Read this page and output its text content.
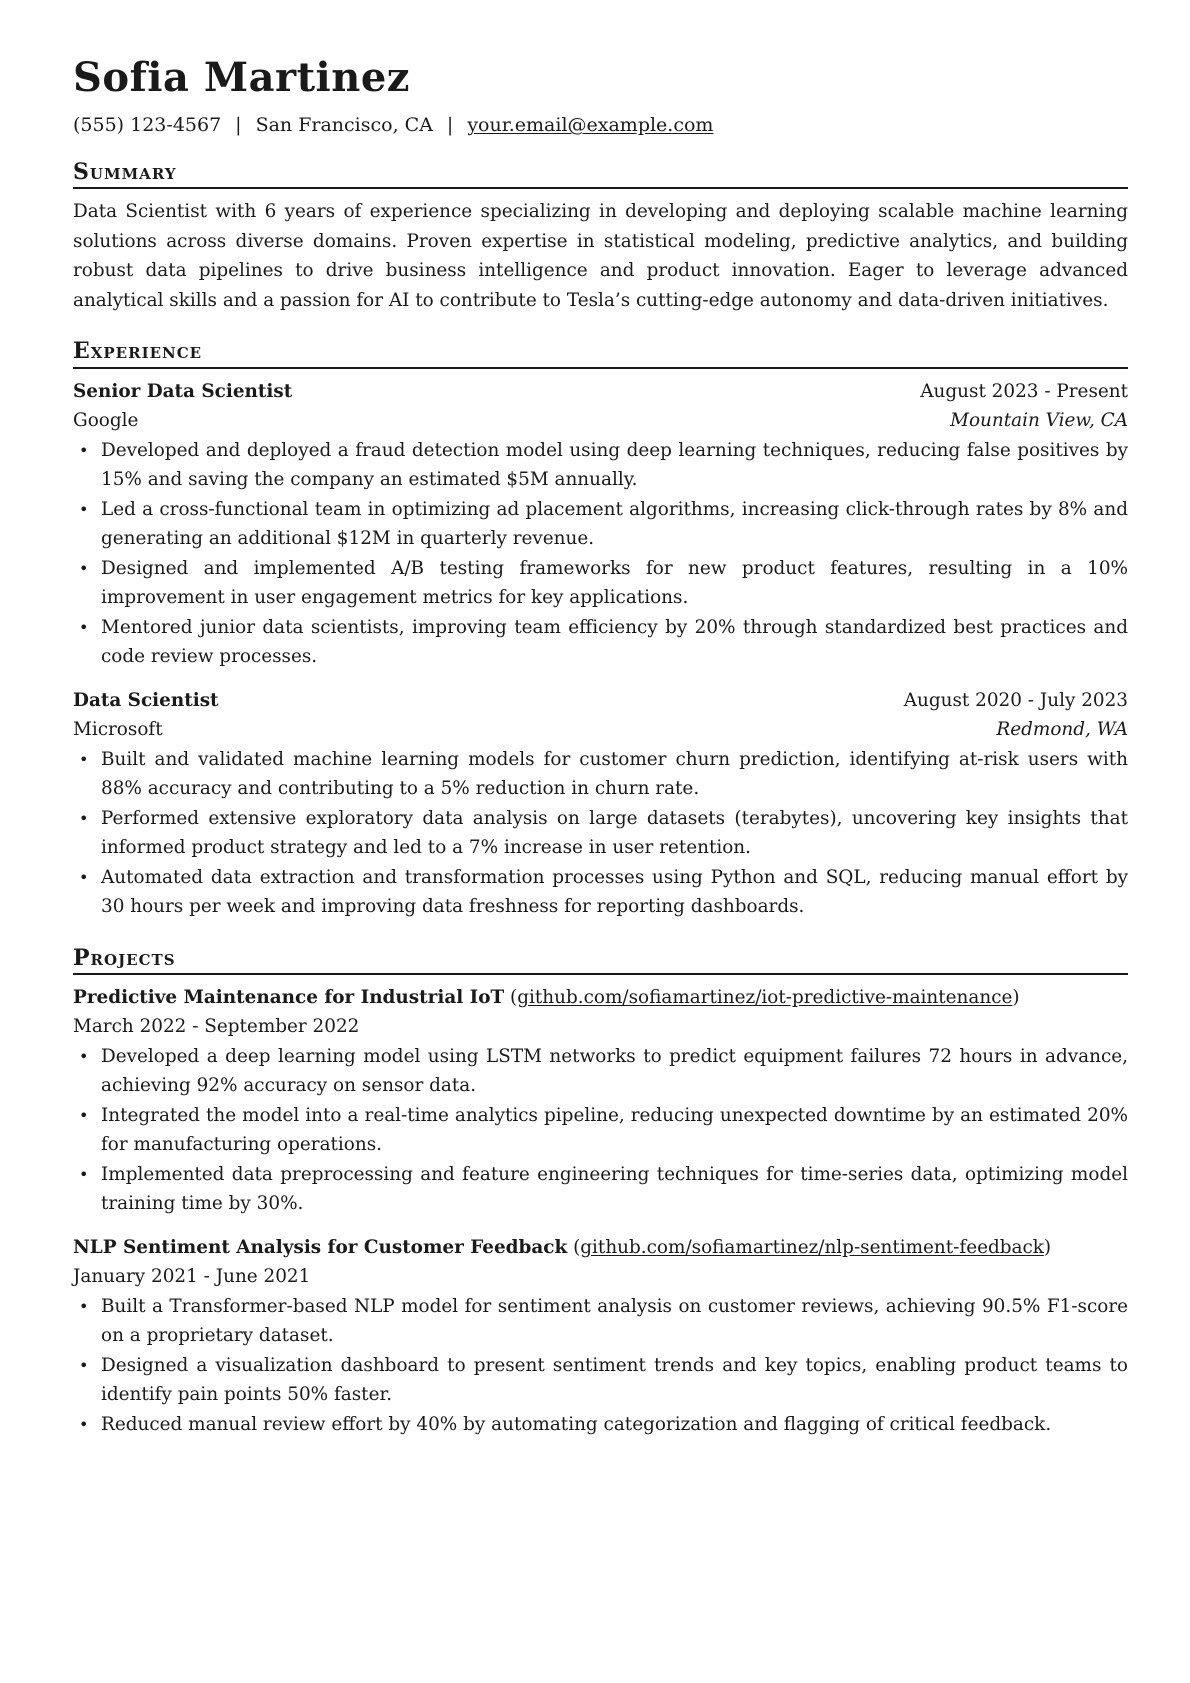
Sofia Martinez
(555) 123-4567 | San Francisco, CA | your.email@example.com
Summary

Data Scientist with 6 years of experience specializing in developing and deploying scalable machine learning solutions across diverse domains. Proven expertise in statistical modeling, predictive analytics, and building robust data pipelines to drive business intelligence and product innovation. Eager to leverage advanced analytical skills and a passion for AI to contribute to Tesla’s cutting-edge autonomy and data-driven initiatives.

Experience
Senior Data Scientist	August 2023 - Present
Google	Mountain View, CA
• Developed and deployed a fraud detection model using deep learning techniques, reducing false positives by 15% and saving the company an estimated $5M annually.
• Led a cross-functional team in optimizing ad placement algorithms, increasing click-through rates by 8% and generating an additional $12M in quarterly revenue.
• Designed and implemented A/B testing frameworks for new product features, resulting in a 10% improvement in user engagement metrics for key applications.
• Mentored junior data scientists, improving team efficiency by 20% through standardized best practices and code review processes.
Data Scientist	August 2020 - July 2023
Microsoft	Redmond, WA
• Built and validated machine learning models for customer churn prediction, identifying at-risk users with 88% accuracy and contributing to a 5% reduction in churn rate.
• Performed extensive exploratory data analysis on large datasets (terabytes), uncovering key insights that informed product strategy and led to a 7% increase in user retention.
• Automated data extraction and transformation processes using Python and SQL, reducing manual effort by 30 hours per week and improving data freshness for reporting dashboards.
Projects
Predictive Maintenance for Industrial IoT (github.com/sofiamartinez/iot-predictive-maintenance)
March 2022 - September 2022
• Developed a deep learning model using LSTM networks to predict equipment failures 72 hours in advance, achieving 92% accuracy on sensor data.
• Integrated the model into a real-time analytics pipeline, reducing unexpected downtime by an estimated 20% for manufacturing operations.
• Implemented data preprocessing and feature engineering techniques for time-series data, optimizing model training time by 30%.
NLP Sentiment Analysis for Customer Feedback (github.com/sofiamartinez/nlp-sentiment-feedback)
January 2021 - June 2021
• Built a Transformer-based NLP model for sentiment analysis on customer reviews, achieving 90.5% F1-score on a proprietary dataset.
• Designed a visualization dashboard to present sentiment trends and key topics, enabling product teams to identify pain points 50% faster.
• Reduced manual review effort by 40% by automating categorization and flagging of critical feedback.
